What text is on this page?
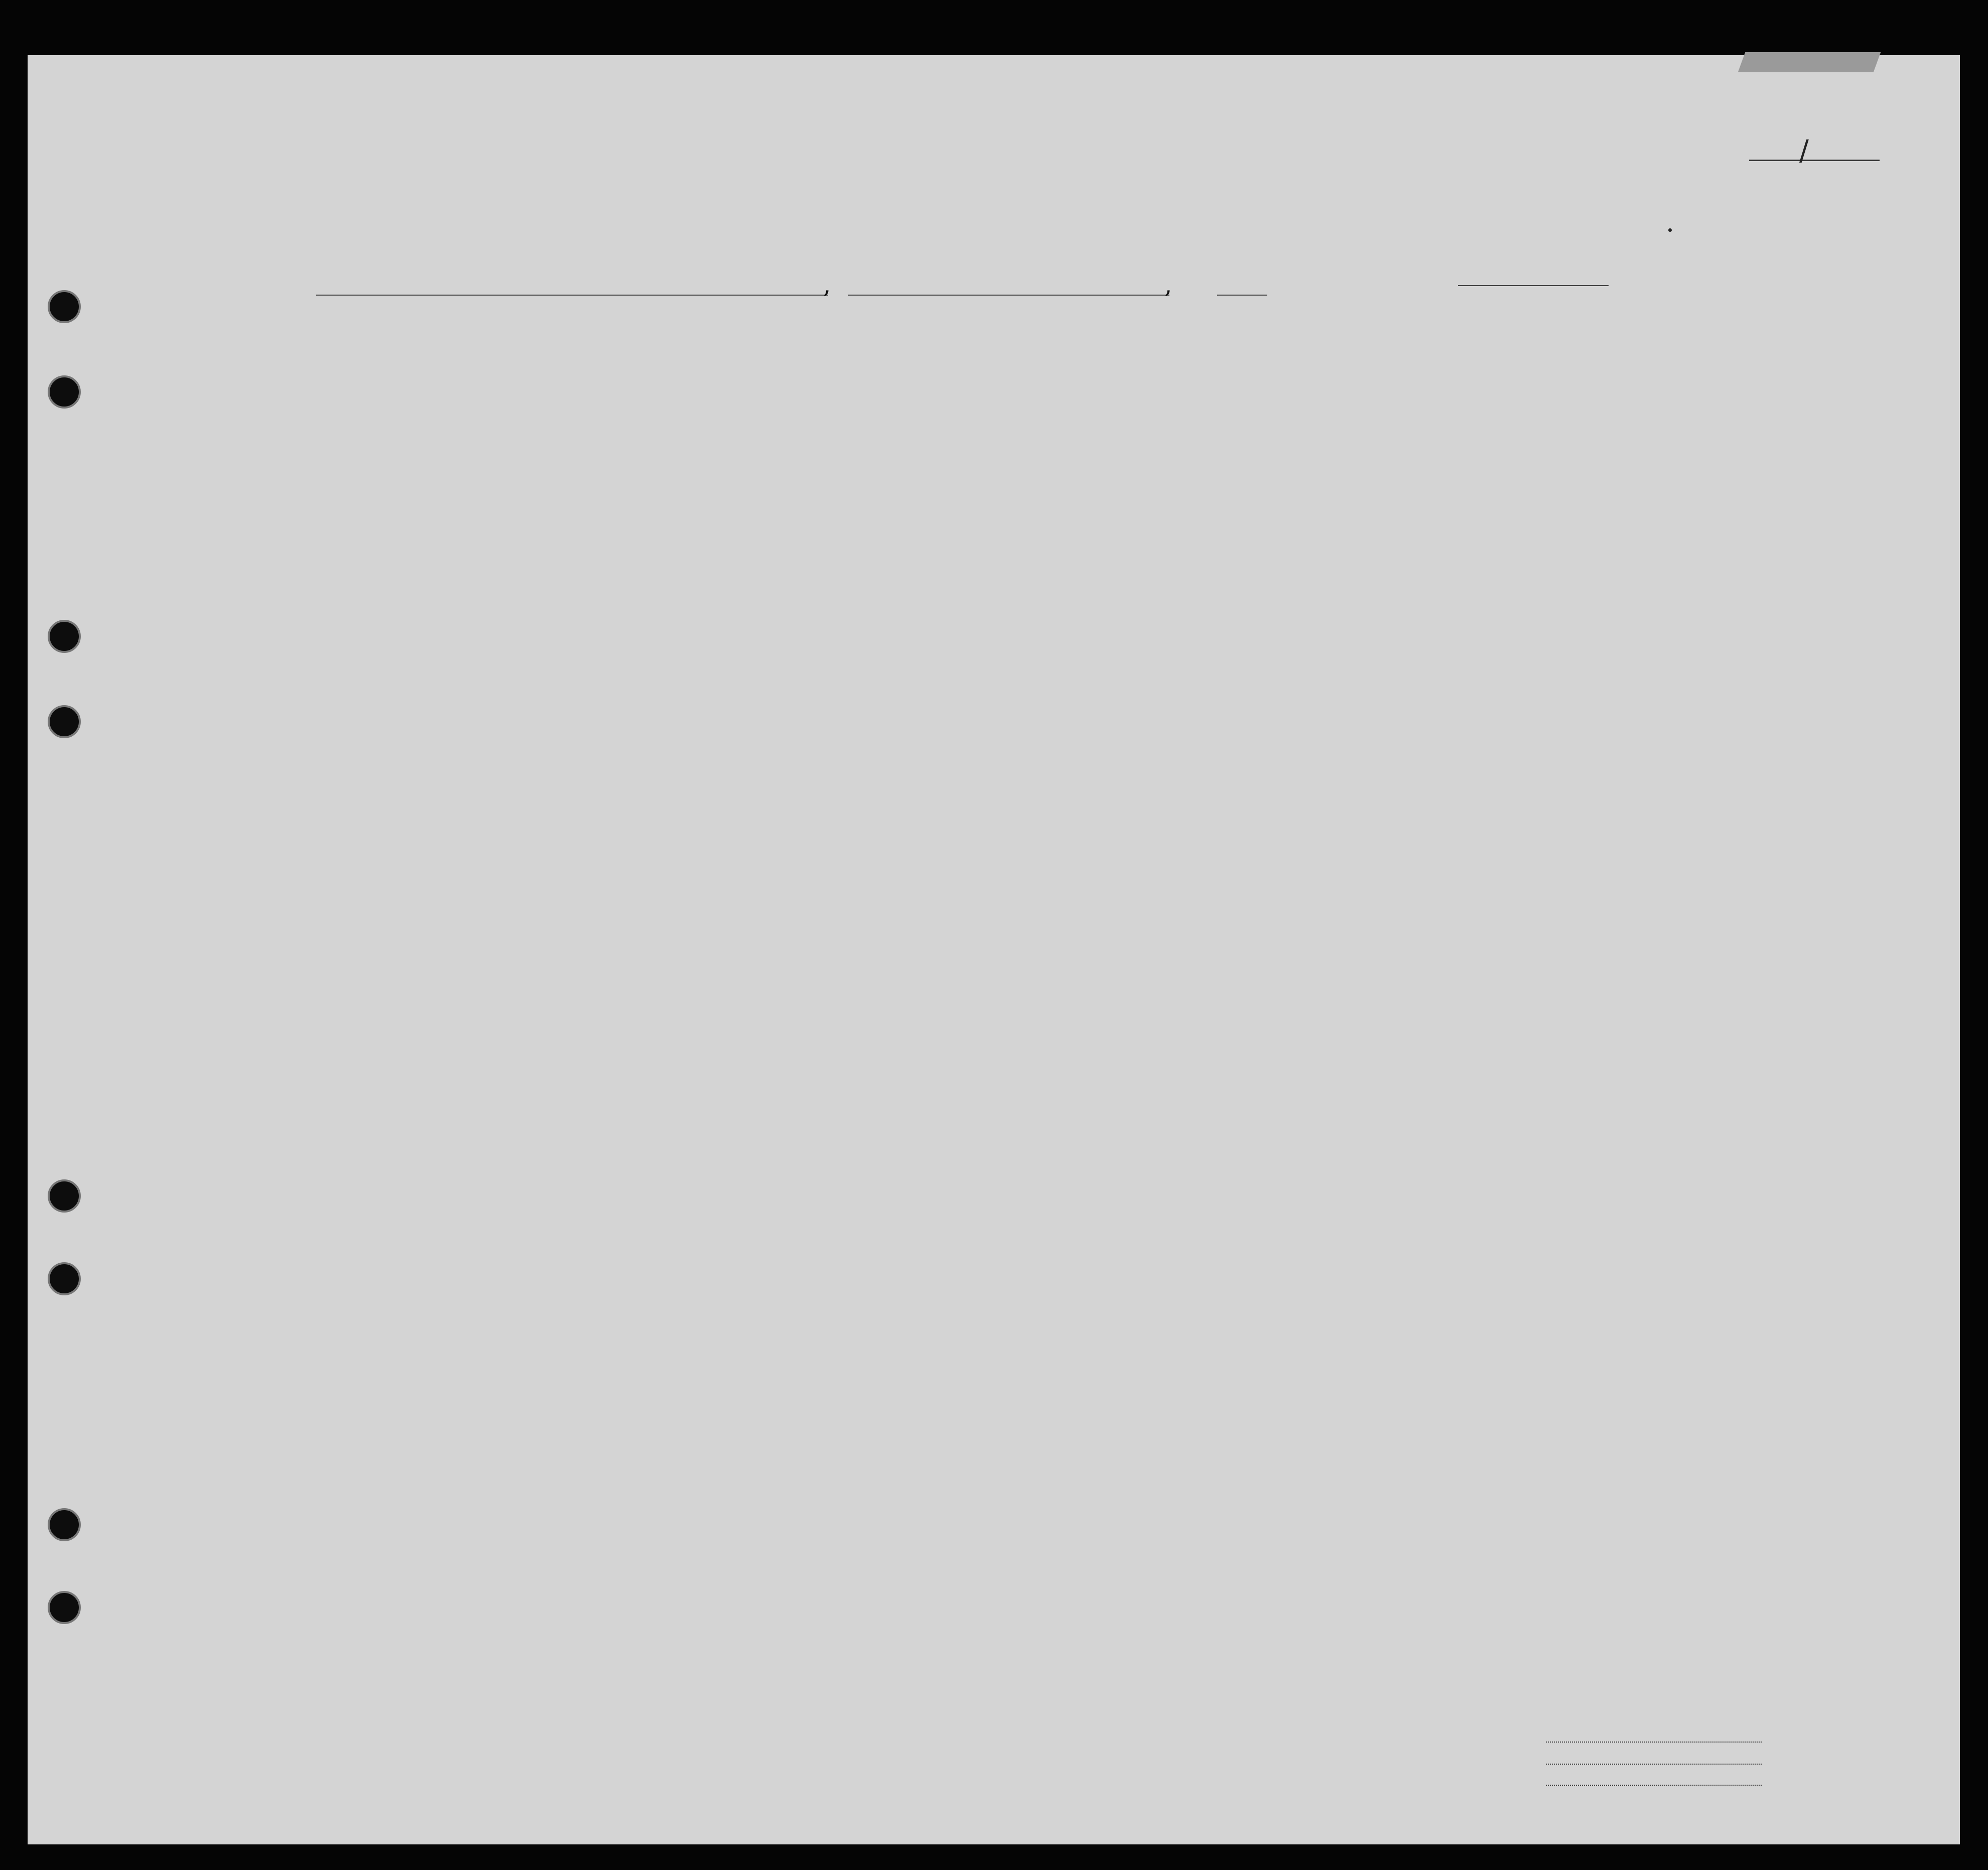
/
,	,
